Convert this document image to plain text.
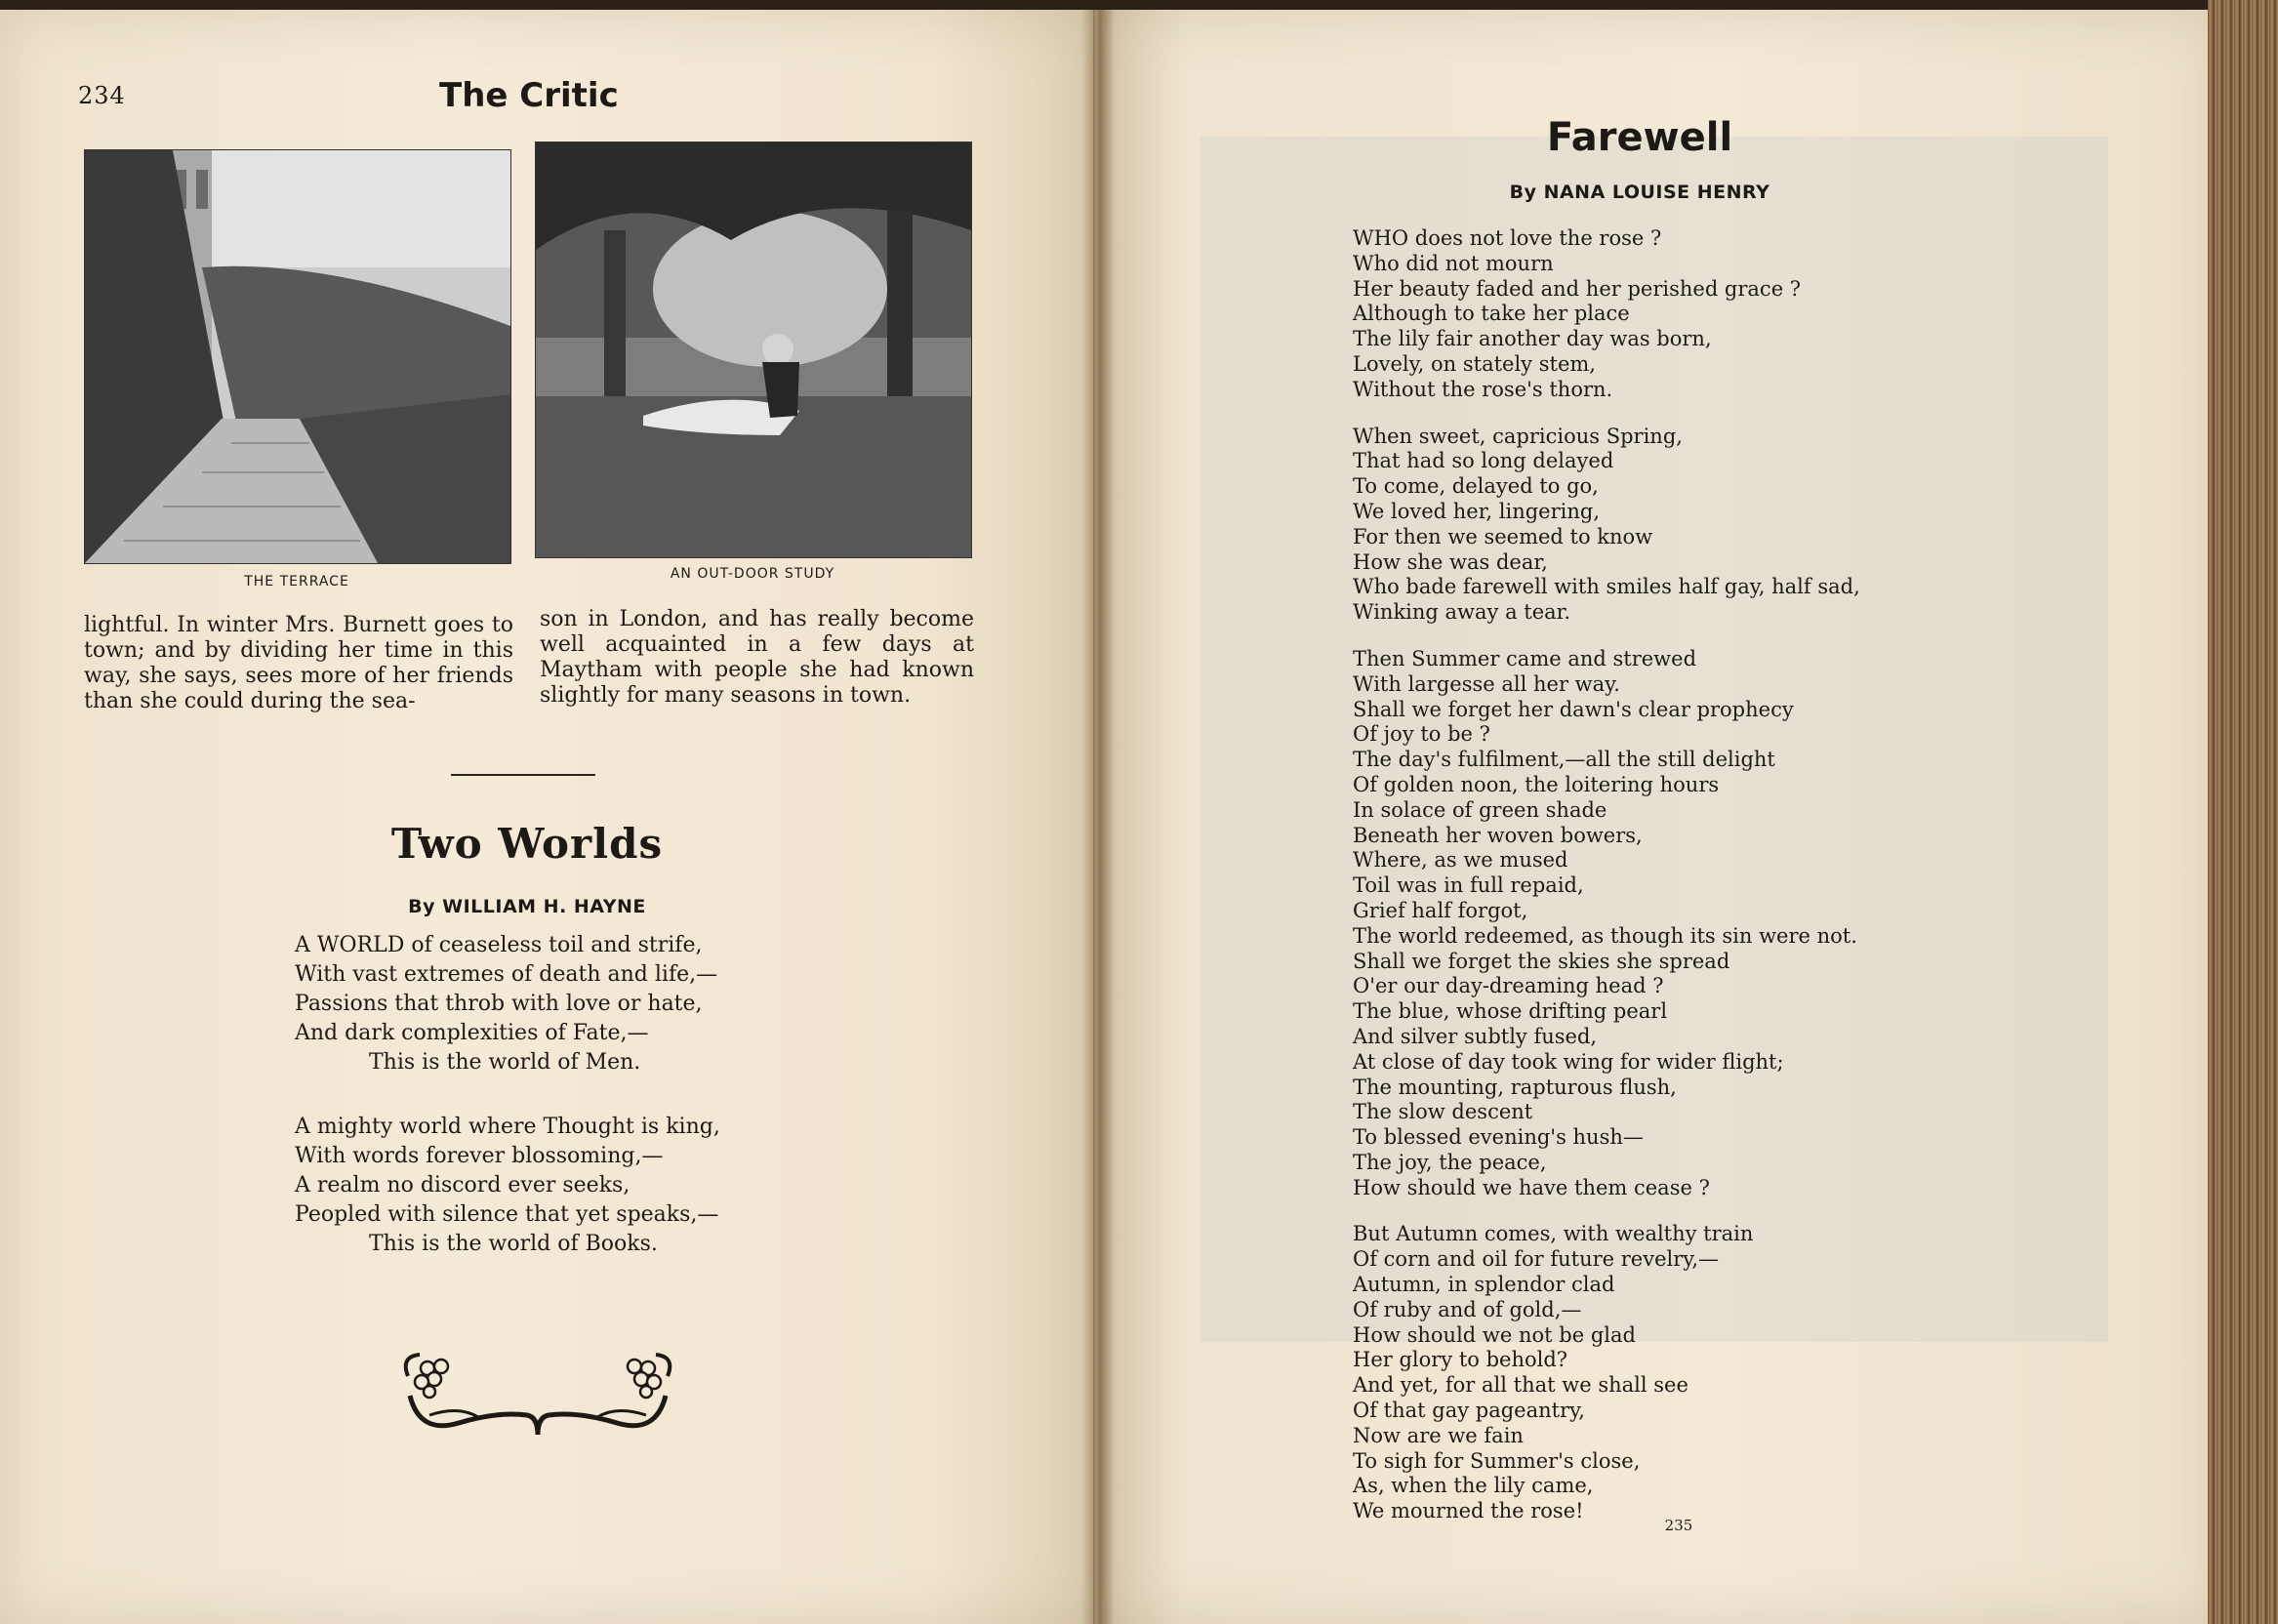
234	The Critic
THE TERRACE	AN OUT-DOOR STUDY
lightful. In winter Mrs. Burnett goes to town; and by dividing her time in this way, she says, sees more of her friends than she could during the sea-
son in London, and has really become well acquainted in a few days at Maytham with people she had known slightly for many seasons in town.
Two Worlds
By WILLIAM H. HAYNE
A WORLD of ceaseless toil and strife,
With vast extremes of death and life,—
Passions that throb with love or hate,
And dark complexities of Fate,—
This is the world of Men.
A mighty world where Thought is king,
With words forever blossoming,—
A realm no discord ever seeks,
Peopled with silence that yet speaks,—
This is the world of Books.
Farewell
By NANA LOUISE HENRY
WHO does not love the rose ?
Who did not mourn
Her beauty faded and her perished grace ?
Although to take her place
The lily fair another day was born,
Lovely, on stately stem,
Without the rose's thorn.
When sweet, capricious Spring,
That had so long delayed
To come, delayed to go,
We loved her, lingering,
For then we seemed to know
How she was dear,
Who bade farewell with smiles half gay, half sad,
Winking away a tear.
Then Summer came and strewed
With largesse all her way.
Shall we forget her dawn's clear prophecy
Of joy to be ?
The day's fulfilment,—all the still delight
Of golden noon, the loitering hours
In solace of green shade
Beneath her woven bowers,
Where, as we mused
Toil was in full repaid,
Grief half forgot,
The world redeemed, as though its sin were not.
Shall we forget the skies she spread
O'er our day-dreaming head ?
The blue, whose drifting pearl
And silver subtly fused,
At close of day took wing for wider flight;
The mounting, rapturous flush,
The slow descent
To blessed evening's hush—
The joy, the peace,
How should we have them cease ?
But Autumn comes, with wealthy train
Of corn and oil for future revelry,—
Autumn, in splendor clad
Of ruby and of gold,—
How should we not be glad
Her glory to behold?
And yet, for all that we shall see
Of that gay pageantry,
Now are we fain
To sigh for Summer's close,
As, when the lily came,
We mourned the rose!
235
